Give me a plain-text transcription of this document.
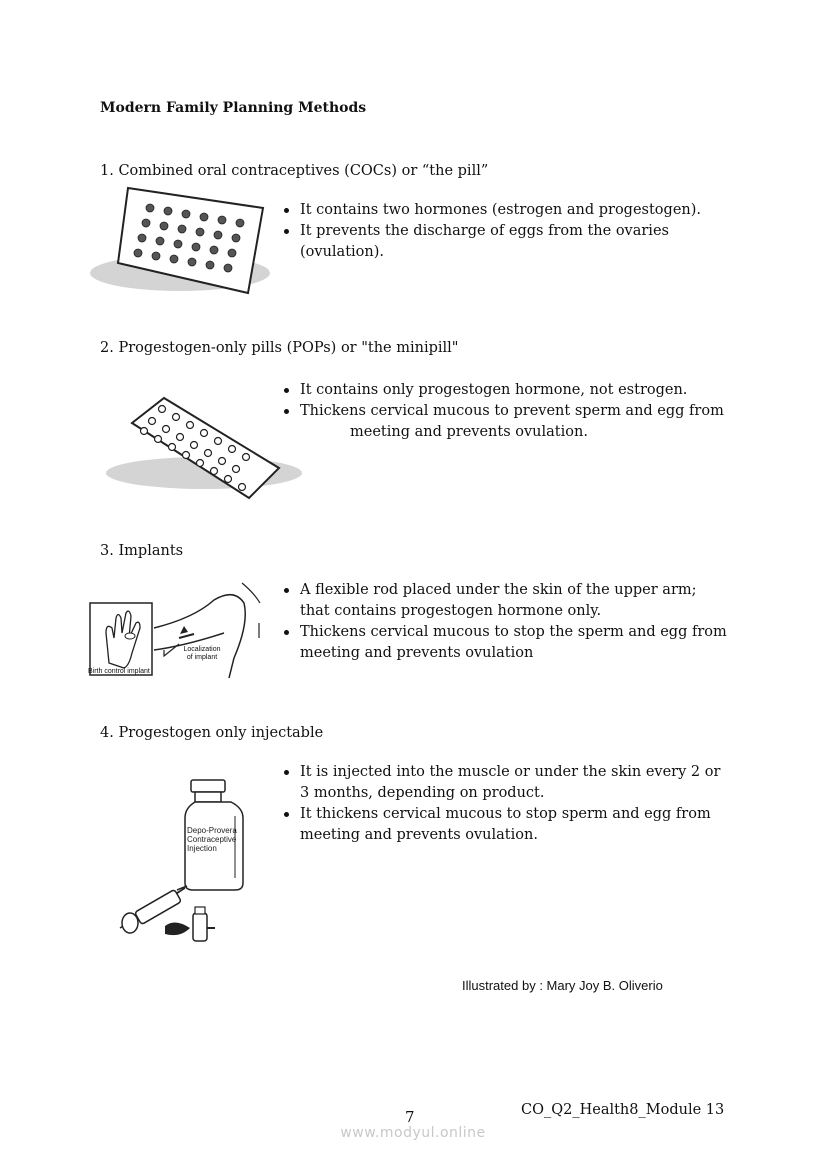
Modern Family Planning Methods
1. Combined oral contraceptives (COCs) or “the pill”
It contains two hormones (estrogen and progestogen).
It prevents the discharge of eggs from the ovaries (ovulation).
2. Progestogen-only pills (POPs) or "the minipill"
It contains only progestogen hormone, not estrogen.
Thickens cervical mucous to prevent sperm and egg from
meeting and prevents ovulation.
3. Implants
Localization
of implant
Birth control implant
A flexible rod placed under the skin of the upper arm; that contains progestogen hormone only.
Thickens cervical mucous to stop the sperm and egg from meeting and prevents ovulation
4. Progestogen only injectable
Depo-Provera
Contraceptive
Injection
It is injected into the muscle or under the skin every 2 or 3 months, depending on product.
It thickens cervical mucous to stop sperm and egg from meeting and prevents ovulation.
Illustrated by : Mary Joy B. Oliverio
7	CO_Q2_Health8_Module 13
www.modyul.online
